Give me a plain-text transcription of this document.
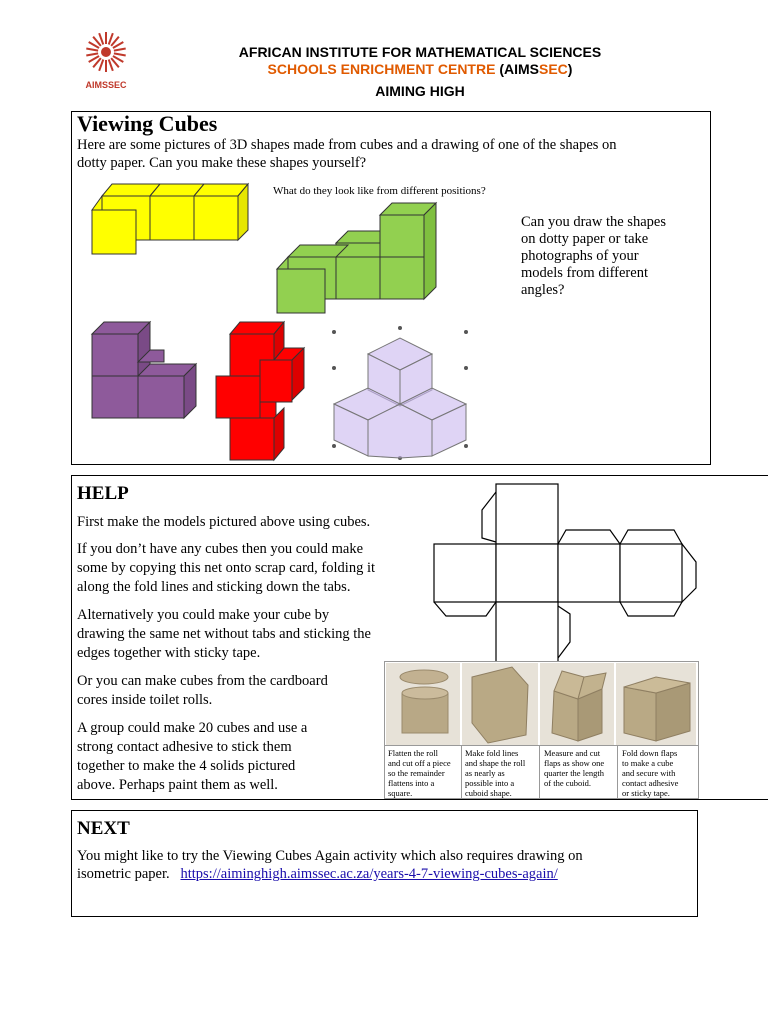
AIMSSEC
AFRICAN INSTITUTE FOR MATHEMATICAL SCIENCES
SCHOOLS ENRICHMENT CENTRE (AIMSSEC)
AIMING HIGH
Viewing Cubes
Here are some pictures of 3D shapes made from cubes and a drawing of one of the shapes on
dotty paper. Can you make these shapes yourself?
What do they look like from different positions?
Can you draw the shapes
on dotty paper or take
photographs of your
models from different
angles?
HELP
First make the models pictured above using cubes.
If you don’t have any cubes then you could make
some by copying this net onto scrap card, folding it
along the fold lines and sticking down the tabs.
Alternatively you could make your cube by
drawing the same net without tabs and sticking the
edges together with sticky tape.
Or you can make cubes from the cardboard
cores inside toilet rolls.
A group could make 20 cubes and use a
strong contact adhesive to stick them
together to make the 4 solids pictured
above. Perhaps paint them as well.
Flatten the roll
and cut off a piece
so the remainder
flattens into a
square.
Make fold lines
and shape the roll
as nearly as
possible into a
cuboid shape.
Measure and cut
flaps as show one
quarter the length
of the cuboid.
Fold down flaps
to make a cube
and secure with
contact adhesive
or sticky tape.
NEXT
You might like to try the Viewing Cubes Again activity which also requires drawing on
isometric paper. https://aiminghigh.aimssec.ac.za/years-4-7-viewing-cubes-again/
